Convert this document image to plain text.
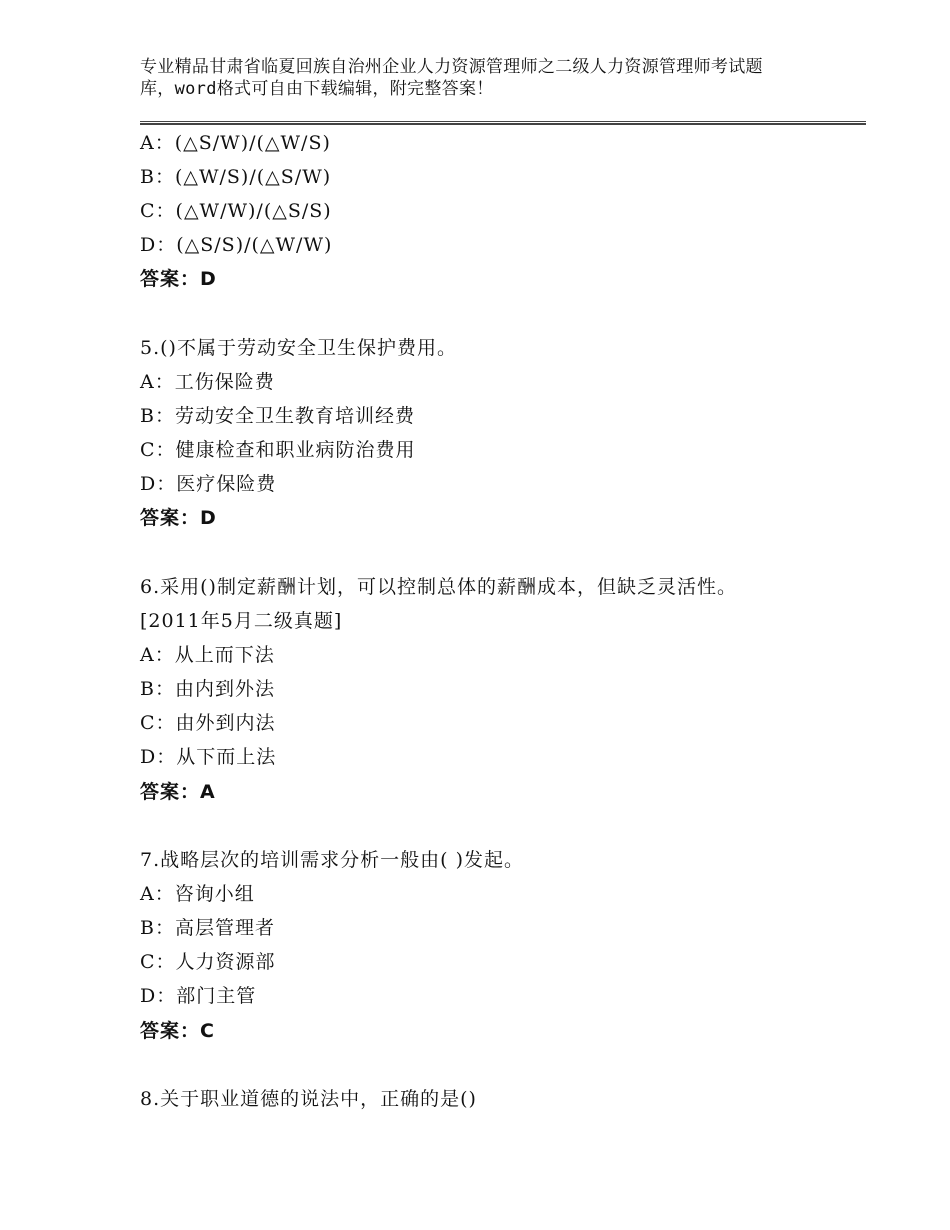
专业精品甘肃省临夏回族自治州企业人力资源管理师之二级人力资源管理师考试题
库，word格式可自由下载编辑，附完整答案！
A：(△S/W)/(△W/S)
B：(△W/S)/(△S/W)
C：(△W/W)/(△S/S)
D：(△S/S)/(△W/W)
答案：D
5.()不属于劳动安全卫生保护费用。
A：工伤保险费
B：劳动安全卫生教育培训经费
C：健康检查和职业病防治费用
D：医疗保险费
答案：D
6.采用()制定薪酬计划，可以控制总体的薪酬成本，但缺乏灵活性。
[2011年5月二级真题]
A：从上而下法
B：由内到外法
C：由外到内法
D：从下而上法
答案：A
7.战略层次的培训需求分析一般由( )发起。
A：咨询小组
B：高层管理者
C：人力资源部
D：部门主管
答案：C
8.关于职业道德的说法中，正确的是()
